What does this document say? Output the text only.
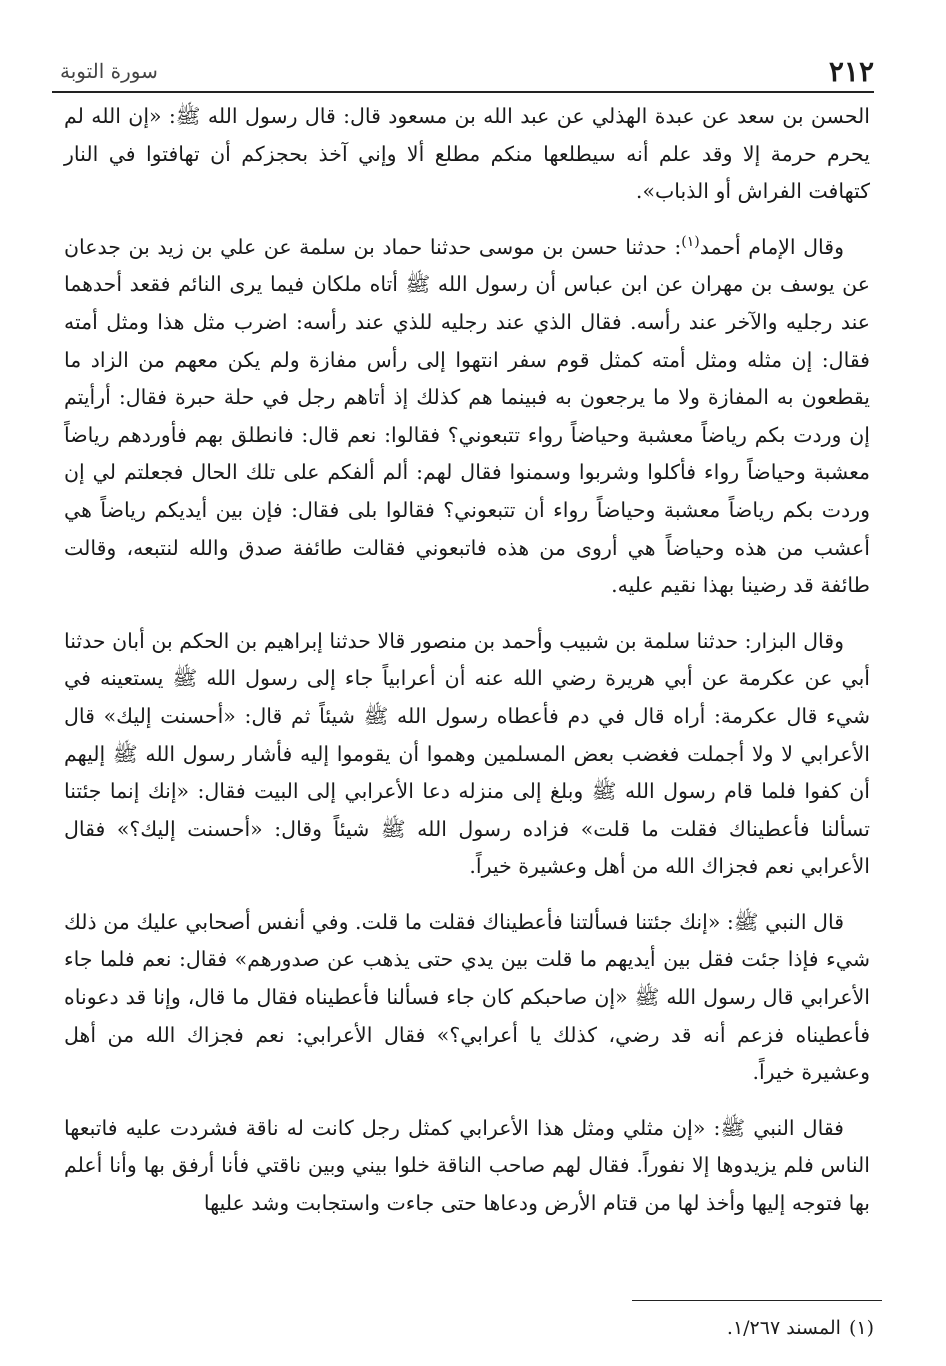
٢١٢
سورة التوبة

الحسن بن سعد عن عبدة الهذلي عن عبد الله بن مسعود قال: قال رسول الله ﷺ: «إن الله لم يحرم حرمة إلا وقد علم أنه سيطلعها منكم مطلع ألا وإني آخذ بحجزكم أن تهافتوا في النار كتهافت الفراش أو الذباب».

وقال الإمام أحمد$^{(١)}$: حدثنا حسن بن موسى حدثنا حماد بن سلمة عن علي بن زيد بن جدعان عن يوسف بن مهران عن ابن عباس أن رسول الله ﷺ أتاه ملكان فيما يرى النائم فقعد أحدهما عند رجليه والآخر عند رأسه. فقال الذي عند رجليه للذي عند رأسه: اضرب مثل هذا ومثل أمته فقال: إن مثله ومثل أمته كمثل قوم سفر انتهوا إلى رأس مفازة ولم يكن معهم من الزاد ما يقطعون به المفازة ولا ما يرجعون به فبينما هم كذلك إذ أتاهم رجل في حلة حبرة فقال: أرأيتم إن وردت بكم رياضاً معشبة وحياضاً رواء تتبعوني؟ فقالوا: نعم قال: فانطلق بهم فأوردهم رياضاً معشبة وحياضاً رواء فأكلوا وشربوا وسمنوا فقال لهم: ألم ألفكم على تلك الحال فجعلتم لي إن وردت بكم رياضاً معشبة وحياضاً رواء أن تتبعوني؟ فقالوا بلى فقال: فإن بين أيديكم رياضاً هي أعشب من هذه وحياضاً هي أروى من هذه فاتبعوني فقالت طائفة صدق والله لنتبعه، وقالت طائفة قد رضينا بهذا نقيم عليه.

وقال البزار: حدثنا سلمة بن شبيب وأحمد بن منصور قالا حدثنا إبراهيم بن الحكم بن أبان حدثنا أبي عن عكرمة عن أبي هريرة رضي الله عنه أن أعرابياً جاء إلى رسول الله ﷺ يستعينه في شيء قال عكرمة: أراه قال في دم فأعطاه رسول الله ﷺ شيئاً ثم قال: «أحسنت إليك» قال الأعرابي لا ولا أجملت فغضب بعض المسلمين وهموا أن يقوموا إليه فأشار رسول الله ﷺ إليهم أن كفوا فلما قام رسول الله ﷺ وبلغ إلى منزله دعا الأعرابي إلى البيت فقال: «إنك إنما جئتنا تسألنا فأعطيناك فقلت ما قلت» فزاده رسول الله ﷺ شيئاً وقال: «أحسنت إليك؟» فقال الأعرابي نعم فجزاك الله من أهل وعشيرة خيراً.

قال النبي ﷺ: «إنك جئتنا فسألتنا فأعطيناك فقلت ما قلت. وفي أنفس أصحابي عليك من ذلك شيء فإذا جئت فقل بين أيديهم ما قلت بين يدي حتى يذهب عن صدورهم» فقال: نعم فلما جاء الأعرابي قال رسول الله ﷺ «إن صاحبكم كان جاء فسألنا فأعطيناه فقال ما قال، وإنا قد دعوناه فأعطيناه فزعم أنه قد رضي، كذلك يا أعرابي؟» فقال الأعرابي: نعم فجزاك الله من أهل وعشيرة خيراً.

فقال النبي ﷺ: «إن مثلي ومثل هذا الأعرابي كمثل رجل كانت له ناقة فشردت عليه فاتبعها الناس فلم يزيدوها إلا نفوراً. فقال لهم صاحب الناقة خلوا بيني وبين ناقتي فأنا أرفق بها وأنا أعلم بها فتوجه إليها وأخذ لها من قتام الأرض ودعاها حتى جاءت واستجابت وشد عليها

(١)المسند ١/٢٦٧.
